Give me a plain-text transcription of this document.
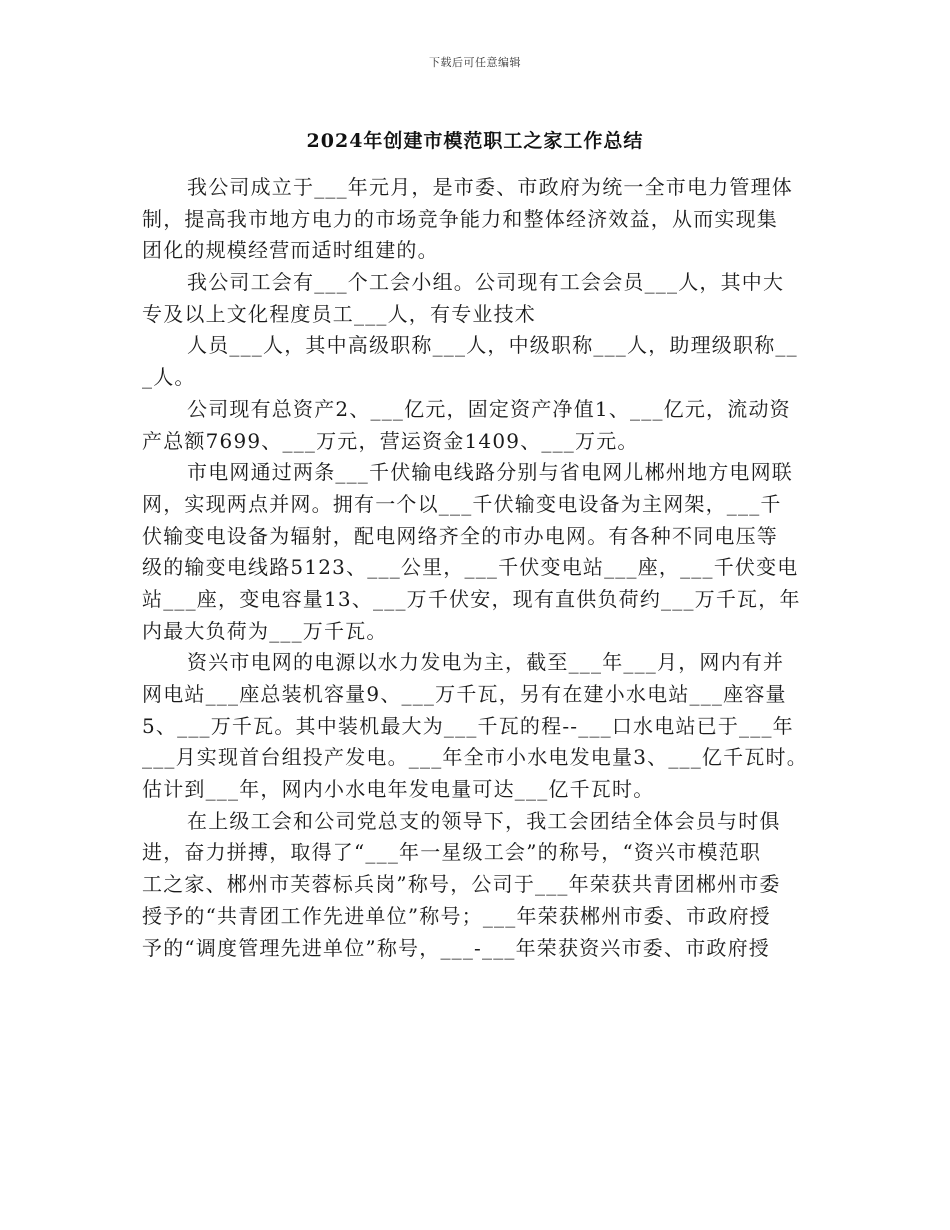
下载后可任意编辑
2024年创建市模范职工之家工作总结
我公司成立于___年元月，是市委、市政府为统一全市电力管理体
制，提高我市地方电力的市场竞争能力和整体经济效益，从而实现集
团化的规模经营而适时组建的。
我公司工会有___个工会小组。公司现有工会会员___人，其中大
专及以上文化程度员工___人，有专业技术
人员___人，其中高级职称___人，中级职称___人，助理级职称__
_人。
公司现有总资产2、___亿元，固定资产净值1、___亿元，流动资
产总额7699、___万元，营运资金1409、___万元。
市电网通过两条___千伏输电线路分别与省电网儿郴州地方电网联
网，实现两点并网。拥有一个以___千伏输变电设备为主网架，___千
伏输变电设备为辐射，配电网络齐全的市办电网。有各种不同电压等
级的输变电线路5123、___公里，___千伏变电站___座，___千伏变电
站___座，变电容量13、___万千伏安，现有直供负荷约___万千瓦，年
内最大负荷为___万千瓦。
资兴市电网的电源以水力发电为主，截至___年___月，网内有并
网电站___座总装机容量9、___万千瓦，另有在建小水电站___座容量
5、___万千瓦。其中装机最大为___千瓦的程--___口水电站已于___年
___月实现首台组投产发电。___年全市小水电发电量3、___亿千瓦时。
估计到___年，网内小水电年发电量可达___亿千瓦时。
在上级工会和公司党总支的领导下，我工会团结全体会员与时俱
进，奋力拼搏，取得了“___年一星级工会”的称号，“资兴市模范职
工之家、郴州市芙蓉标兵岗”称号，公司于___年荣获共青团郴州市委
授予的“共青团工作先进单位”称号；___年荣获郴州市委、市政府授
予的“调度管理先进单位”称号，___-___年荣获资兴市委、市政府授
